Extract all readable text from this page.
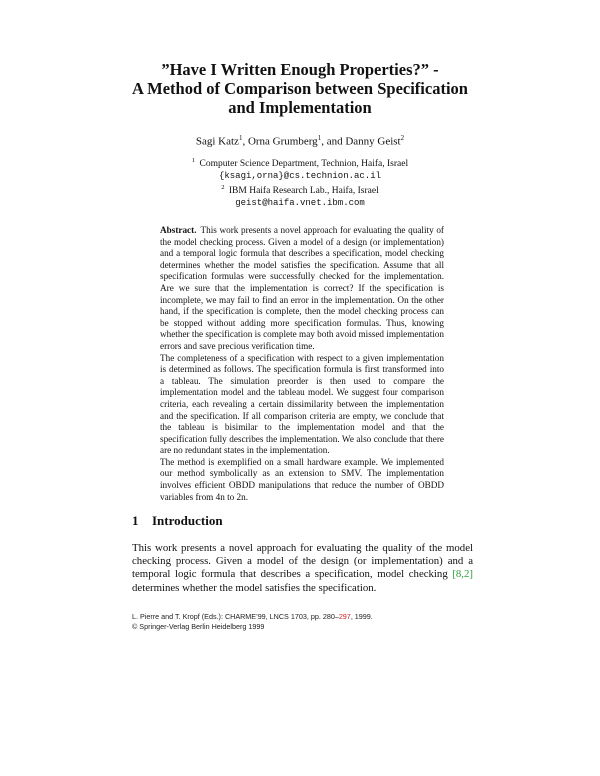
”Have I Written Enough Properties?” -
A Method of Comparison between Specification
and Implementation
Sagi Katz$^1$, Orna Grumberg$^1$, and Danny Geist$^2$
$^1$ Computer Science Department, Technion, Haifa, Israel
{ksagi,orna}@cs.technion.ac.il
$^2$ IBM Haifa Research Lab., Haifa, Israel
geist@haifa.vnet.ibm.com

Abstract. This work presents a novel approach for evaluating the quality of the model checking process. Given a model of a design (or implementation) and a temporal logic formula that describes a specification, model checking determines whether the model satisfies the specification. Assume that all specification formulas were successfully checked for the implementation. Are we sure that the implementation is correct? If the specification is incomplete, we may fail to find an error in the implementation. On the other hand, if the specification is complete, then the model checking process can be stopped without adding more specification formulas. Thus, knowing whether the specification is complete may both avoid missed implementation errors and save precious verification time.

The completeness of a specification with respect to a given implementation is determined as follows. The specification formula is first transformed into a tableau. The simulation preorder is then used to compare the implementation model and the tableau model. We suggest four comparison criteria, each revealing a certain dissimilarity between the implementation and the specification. If all comparison criteria are empty, we conclude that the tableau is bisimilar to the implementation model and that the specification fully describes the implementation. We also conclude that there are no redundant states in the implementation.

The method is exemplified on a small hardware example. We implemented our method symbolically as an extension to SMV. The implementation involves efficient OBDD manipulations that reduce the number of OBDD variables from 4n to 2n.

1 Introduction

This work presents a novel approach for evaluating the quality of the model checking process. Given a model of the design (or implementation) and a temporal logic formula that describes a specification, model checking [8,2] determines whether the model satisfies the specification.

L. Pierre and T. Kropf (Eds.): CHARME’99, LNCS 1703, pp. 280–297, 1999.
© Springer-Verlag Berlin Heidelberg 1999
